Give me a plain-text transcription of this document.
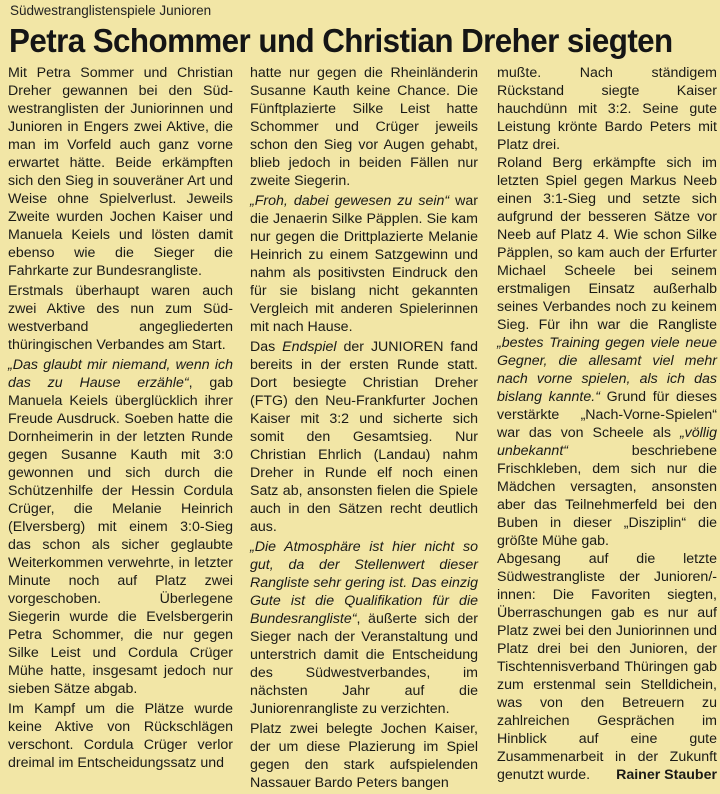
Südwestranglistenspiele Junioren
Petra Schommer und Christian Dreher siegten

Mit Petra Sommer und Christian Dreher gewannen bei den Süd-westranglisten der Juniorinnen und Junioren in Engers zwei Aktive, die man im Vorfeld auch ganz vorne erwartet hätte. Beide erkämpften sich den Sieg in souveräner Art und Weise ohne Spielverlust. Jeweils Zweite wurden Jochen Kaiser und Manuela Keiels und lösten damit ebenso wie die Sieger die Fahrkarte zur Bundesrangliste.

Erstmals überhaupt waren auch zwei Aktive des nun zum Süd-westverband angegliederten thüringischen Verbandes am Start.

„Das glaubt mir niemand, wenn ich das zu Hause erzähle“, gab Manuela Keiels überglücklich ihrer Freude Ausdruck. Soeben hatte die Dornheimerin in der letzten Runde gegen Susanne Kauth mit 3:0 gewonnen und sich durch die Schützenhilfe der Hessin Cordula Crüger, die Melanie Heinrich (Elversberg) mit einem 3:0-Sieg das schon als sicher geglaubte Weiterkommen verwehrte, in letzter Minute noch auf Platz zwei vorgeschoben. Überlegene Siegerin wurde die Evelsbergerin Petra Schommer, die nur gegen Silke Leist und Cordula Crüger Mühe hatte, insgesamt jedoch nur sieben Sätze abgab.

Im Kampf um die Plätze wurde keine Aktive von Rückschlägen verschont. Cordula Crüger verlor dreimal im Entscheidungssatz und

hatte nur gegen die Rheinländerin Susanne Kauth keine Chance. Die Fünftplazierte Silke Leist hatte Schommer und Crüger jeweils schon den Sieg vor Augen gehabt, blieb jedoch in beiden Fällen nur zweite Siegerin.

„Froh, dabei gewesen zu sein“ war die Jenaerin Silke Päpplen. Sie kam nur gegen die Drittplazierte Melanie Heinrich zu einem Satzgewinn und nahm als positivsten Eindruck den für sie bislang nicht gekannten Vergleich mit anderen Spielerinnen mit nach Hause.

Das Endspiel der JUNIOREN fand bereits in der ersten Runde statt. Dort besiegte Christian Dreher (FTG) den Neu-Frankfurter Jochen Kaiser mit 3:2 und sicherte sich somit den Gesamtsieg. Nur Christian Ehrlich (Landau) nahm Dreher in Runde elf noch einen Satz ab, ansonsten fielen die Spiele auch in den Sätzen recht deutlich aus.

„Die Atmosphäre ist hier nicht so gut, da der Stellenwert dieser Rangliste sehr gering ist. Das einzig Gute ist die Qualifikation für die Bundesrangliste“, äußerte sich der Sieger nach der Veranstaltung und unterstrich damit die Entscheidung des Südwestverbandes, im nächsten Jahr auf die Juniorenrangliste zu verzichten.

Platz zwei belegte Jochen Kaiser, der um diese Plazierung im Spiel gegen den stark aufspielenden Nassauer Bardo Peters bangen

mußte. Nach ständigem Rückstand siegte Kaiser hauchdünn mit 3:2. Seine gute Leistung krönte Bardo Peters mit Platz drei.

Roland Berg erkämpfte sich im letzten Spiel gegen Markus Neeb einen 3:1-Sieg und setzte sich aufgrund der besseren Sätze vor Neeb auf Platz 4. Wie schon Silke Päpplen, so kam auch der Erfurter Michael Scheele bei seinem erstmaligen Einsatz außerhalb seines Verbandes noch zu keinem Sieg. Für ihn war die Rangliste „bestes Training gegen viele neue Gegner, die allesamt viel mehr nach vorne spielen, als ich das bislang kannte.“ Grund für dieses verstärkte „Nach-Vorne-Spielen“ war das von Scheele als „völlig unbekannt“ beschriebene Frischkleben, dem sich nur die Mädchen versagten, ansonsten aber das Teilnehmerfeld bei den Buben in dieser „Disziplin“ die größte Mühe gab.

Abgesang auf die letzte Südwestrangliste der Junioren/-innen: Die Favoriten siegten, Überraschungen gab es nur auf Platz zwei bei den Juniorinnen und Platz drei bei den Junioren, der Tischtennisverband Thüringen gab zum erstenmal sein Stelldichein, was von den Betreuern zu zahlreichen Gesprächen im Hinblick auf eine gute Zusammenarbeit in der Zukunft genutzt wurde. Rainer Stauber
